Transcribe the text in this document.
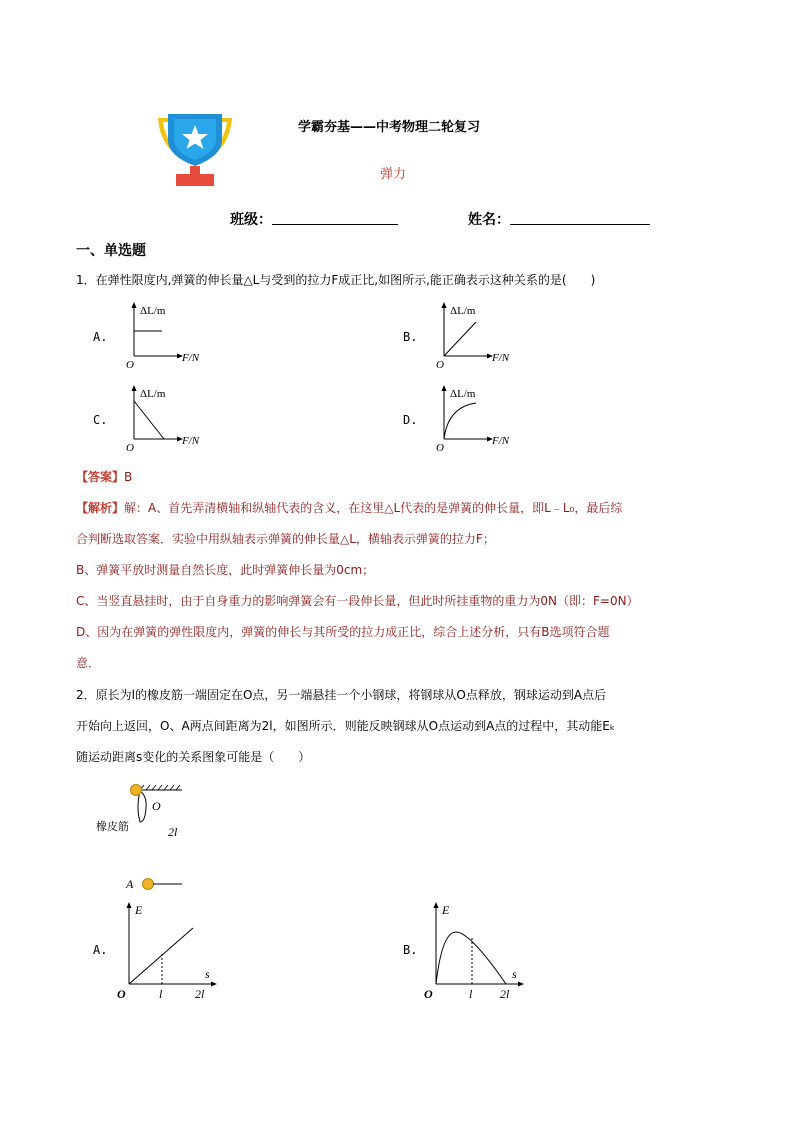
学霸夯基——中考物理二轮复习
弹力
班级：	姓名：
一、单选题
1．在弹性限度内,弹簧的伸长量△L与受到的拉力F成正比,如图所示,能正确表示这种关系的是(　　)
A.
ΔL/m
F/N
O
B.
ΔL/m
F/N
O
C.
ΔL/m
F/N
O
D.
ΔL/m
F/N
O
【答案】B
【解析】解：A、首先弄清横轴和纵轴代表的含义，在这里△L代表的是弹簧的伸长量，即L﹣L₀，最后综
合判断选取答案．实验中用纵轴表示弹簧的伸长量△L，横轴表示弹簧的拉力F；
B、弹簧平放时测量自然长度，此时弹簧伸长量为0cm；
C、当竖直悬挂时，由于自身重力的影响弹簧会有一段伸长量，但此时所挂重物的重力为0N（即：F=0N）
D、因为在弹簧的弹性限度内，弹簧的伸长与其所受的拉力成正比，综合上述分析，只有B选项符合题
意．
2．原长为l的橡皮筋一端固定在O点，另一端悬挂一个小钢球，将钢球从O点释放，钢球运动到A点后
开始向上返回，O、A两点间距离为2l，如图所示．则能反映钢球从O点运动到A点的过程中，其动能Eₖ
随运动距离s变化的关系图象可能是（　　）
O
橡皮筋	2l
A
A.
E
s
O	l	2l
B.
E
s
O	l 2l
